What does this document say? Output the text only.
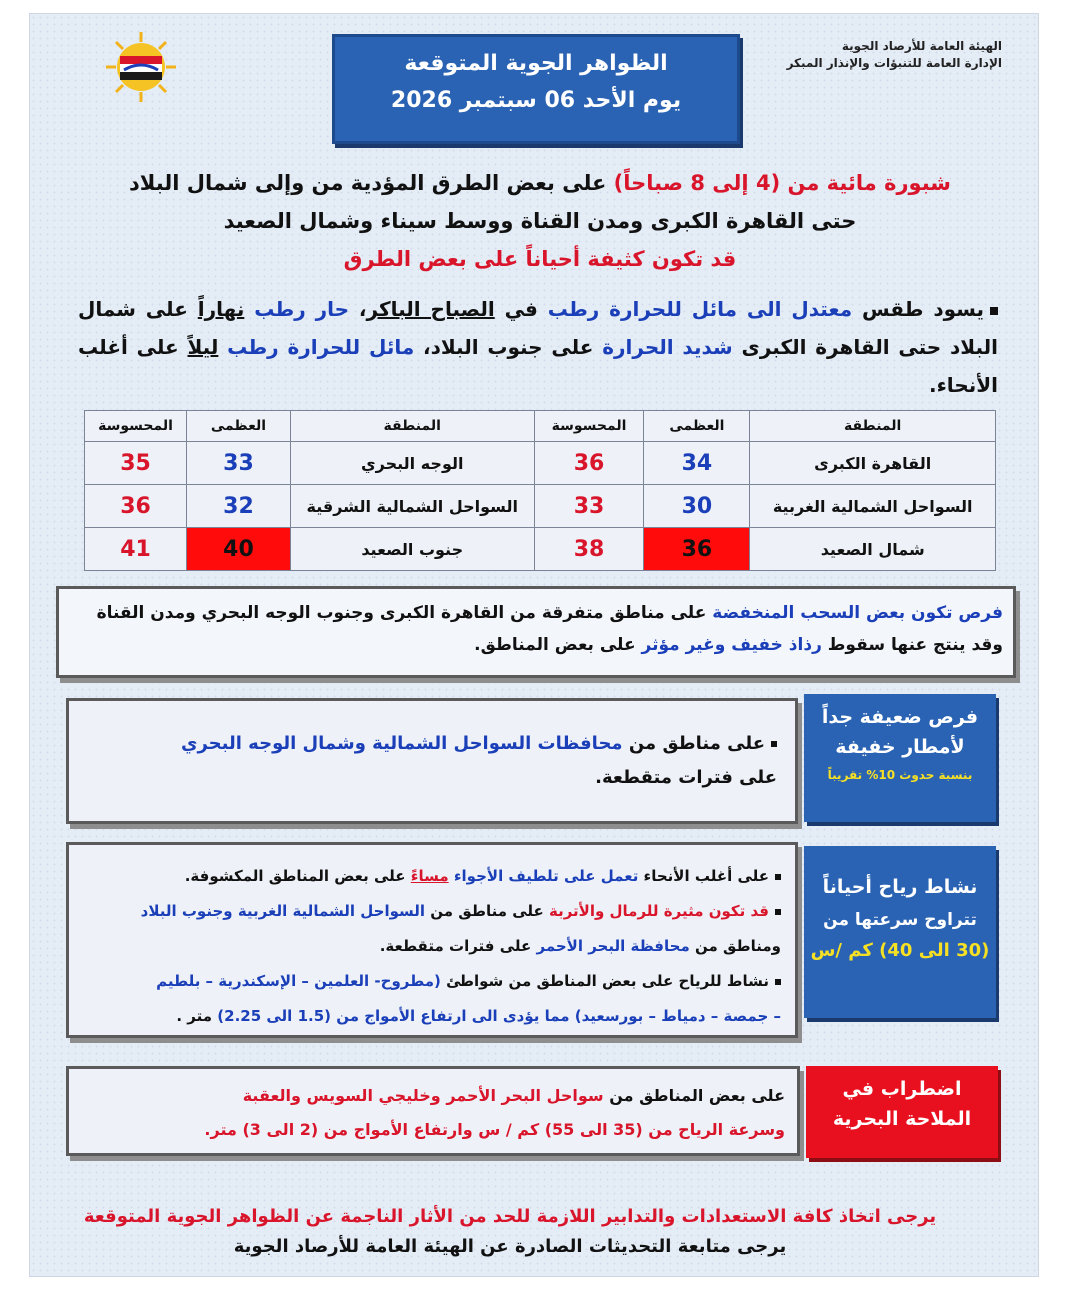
الهيئة العامة للأرصاد الجوية
الإدارة العامة للتنبؤات والإنذار المبكر
الظواهر الجوية المتوقعة
يوم الأحد 06 سبتمبر 2026
شبورة مائية من (4 إلى 8 صباحاً) على بعض الطرق المؤدية من وإلى شمال البلاد
حتى القاهرة الكبرى ومدن القناة ووسط سيناء وشمال الصعيد
قد تكون كثيفة أحياناً على بعض الطرق
يسود طقس معتدل الى مائل للحرارة رطب في الصباح الباكر، حار رطب نهاراً على شمال البلاد حتى القاهرة الكبرى شديد الحرارة على جنوب البلاد، مائل للحرارة رطب ليلاً على أغلب الأنحاء.
المنطقة	العظمى	المحسوسة	المنطقة	العظمى	المحسوسة
القاهرة الكبرى	34	36	الوجه البحري	33	35
السواحل الشمالية الغربية	30	33	السواحل الشمالية الشرقية	32	36
شمال الصعيد	36	38	جنوب الصعيد	40	41
فرص تكون بعض السحب المنخفضة على مناطق متفرقة من القاهرة الكبرى وجنوب الوجه البحري ومدن القناة
وقد ينتج عنها سقوط رذاذ خفيف وغير مؤثر على بعض المناطق.
فرص ضعيفة جداً
لأمطار خفيفة
بنسبة حدوث 10% تقريباً
على مناطق من محافظات السواحل الشمالية وشمال الوجه البحري
على فترات متقطعة.
نشاط رياح أحياناً
تتراوح سرعتها من
(30 الى 40) كم /س
على أغلب الأنحاء تعمل على تلطيف الأجواء مساءً على بعض المناطق المكشوفة.
قد تكون مثيرة للرمال والأتربة على مناطق من السواحل الشمالية الغربية وجنوب البلاد
ومناطق من محافظة البحر الأحمر على فترات متقطعة.
نشاط للرياح على بعض المناطق من شواطئ (مطروح- العلمين – الإسكندرية – بلطيم
– جمصة – دمياط – بورسعيد) مما يؤدى الى ارتفاع الأمواج من (1.5 الى 2.25) متر .
اضطراب في
الملاحة البحرية
على بعض المناطق من سواحل البحر الأحمر وخليجي السويس والعقبة
وسرعة الرياح من (35 الى 55) كم / س وارتفاع الأمواج من (2 الى 3) متر.
يرجى اتخاذ كافة الاستعدادات والتدابير اللازمة للحد من الأثار الناجمة عن الظواهر الجوية المتوقعة
يرجى متابعة التحديثات الصادرة عن الهيئة العامة للأرصاد الجوية
